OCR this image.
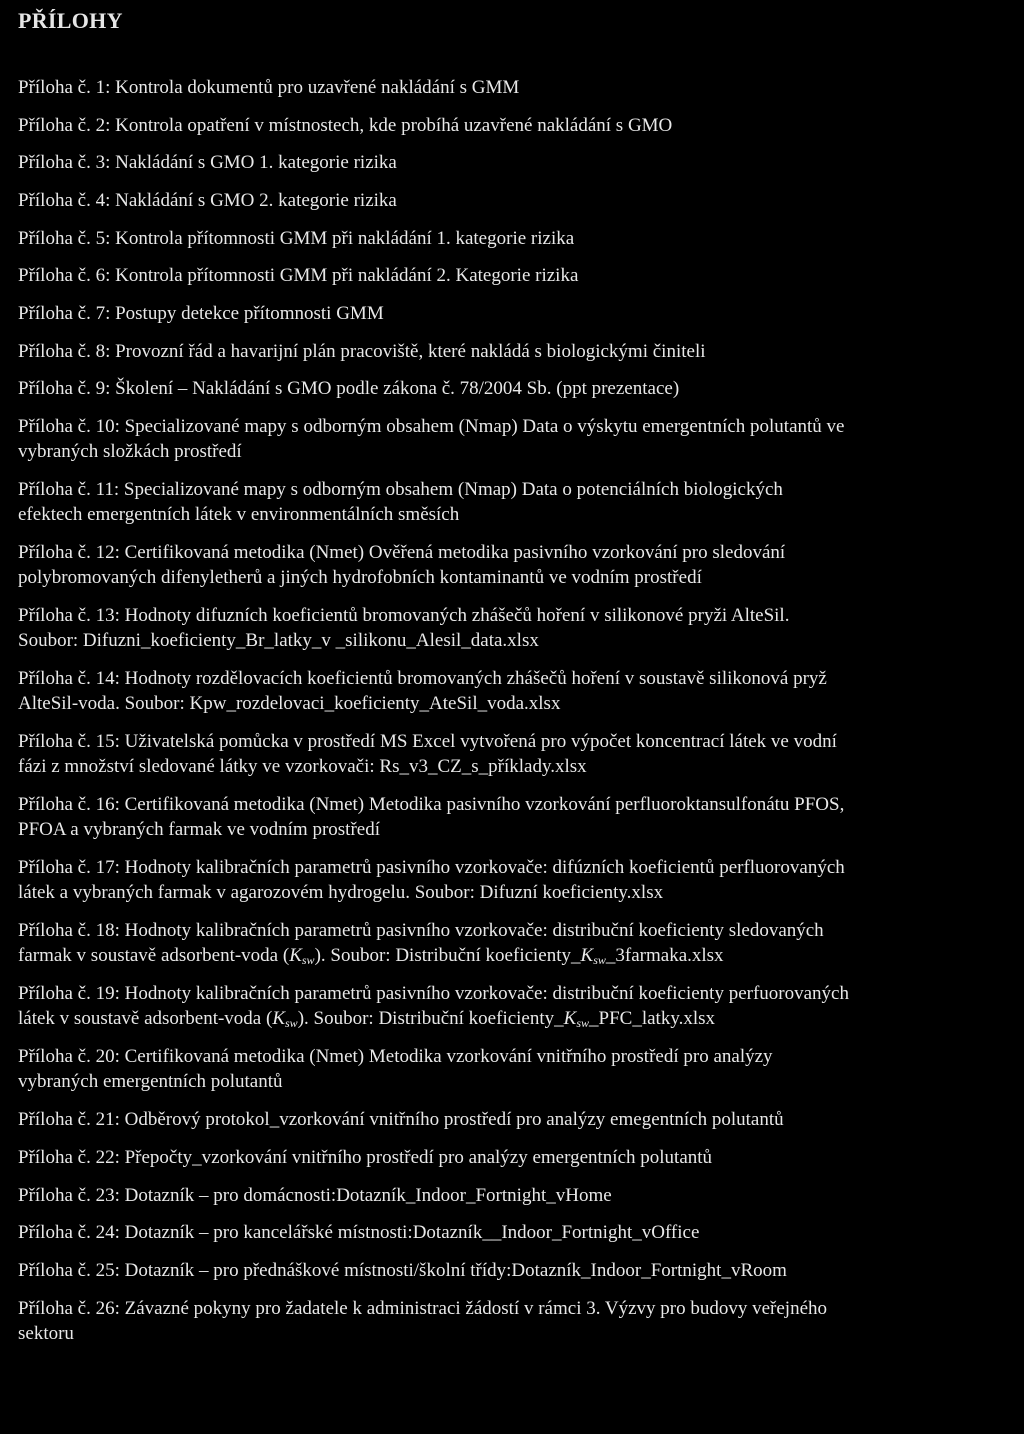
PŘÍLOHY
Příloha č. 1: Kontrola dokumentů pro uzavřené nakládání s GMM
Příloha č. 2: Kontrola opatření v místnostech, kde probíhá uzavřené nakládání s GMO
Příloha č. 3: Nakládání s GMO 1. kategorie rizika
Příloha č. 4: Nakládání s GMO 2. kategorie rizika
Příloha č. 5: Kontrola přítomnosti GMM při nakládání 1. kategorie rizika
Příloha č. 6: Kontrola přítomnosti GMM při nakládání 2. Kategorie rizika
Příloha č. 7: Postupy detekce přítomnosti GMM
Příloha č. 8: Provozní řád a havarijní plán pracoviště, které nakládá s biologickými činiteli
Příloha č. 9: Školení – Nakládání s GMO podle zákona č. 78/2004 Sb. (ppt prezentace)
Příloha č. 10: Specializované mapy s odborným obsahem (Nmap) Data o výskytu emergentních polutantů ve
vybraných složkách prostředí
Příloha č. 11: Specializované mapy s odborným obsahem (Nmap) Data o potenciálních biologických
efektech emergentních látek v environmentálních směsích
Příloha č. 12: Certifikovaná metodika (Nmet) Ověřená metodika pasivního vzorkování pro sledování
polybromovaných difenyletherů a jiných hydrofobních kontaminantů ve vodním prostředí
Příloha č. 13: Hodnoty difuzních koeficientů bromovaných zhášečů hoření v silikonové pryži AlteSil.
Soubor: Difuzni_koeficienty_Br_latky_v _silikonu_Alesil_data.xlsx
Příloha č. 14: Hodnoty rozdělovacích koeficientů bromovaných zhášečů hoření v soustavě silikonová pryž
AlteSil-voda. Soubor: Kpw_rozdelovaci_koeficienty_AteSil_voda.xlsx
Příloha č. 15: Uživatelská pomůcka v prostředí MS Excel vytvořená pro výpočet koncentrací látek ve vodní
fázi z množství sledované látky ve vzorkovači: Rs_v3_CZ_s_příklady.xlsx
Příloha č. 16: Certifikovaná metodika (Nmet) Metodika pasivního vzorkování perfluoroktansulfonátu PFOS,
PFOA a vybraných farmak ve vodním prostředí
Příloha č. 17: Hodnoty kalibračních parametrů pasivního vzorkovače: difúzních koeficientů perfluorovaných
látek a vybraných farmak v agarozovém hydrogelu. Soubor: Difuzní koeficienty.xlsx
Příloha č. 18: Hodnoty kalibračních parametrů pasivního vzorkovače: distribuční koeficienty sledovaných
farmak v soustavě adsorbent-voda $(K_{sw})$. Soubor: Distribuční $koeficienty\_K_{sw}\_3farmaka.xlsx$
Příloha č. 19: Hodnoty kalibračních parametrů pasivního vzorkovače: distribuční koeficienty perfuorovaných
látek v soustavě adsorbent-voda $(K_{sw})$. Soubor: Distribuční $koeficienty\_K_{sw}\_PFC\_latky.xlsx$
Příloha č. 20: Certifikovaná metodika (Nmet) Metodika vzorkování vnitřního prostředí pro analýzy
vybraných emergentních polutantů
Příloha č. 21: Odběrový protokol_vzorkování vnitřního prostředí pro analýzy emegentních polutantů
Příloha č. 22: Přepočty_vzorkování vnitřního prostředí pro analýzy emergentních polutantů
Příloha č. 23: Dotazník – pro domácnosti:Dotazník_Indoor_Fortnight_vHome
Příloha č. 24: Dotazník – pro kancelářské místnosti:Dotazník__Indoor_Fortnight_vOffice
Příloha č. 25: Dotazník – pro přednáškové místnosti/školní třídy:Dotazník_Indoor_Fortnight_vRoom
Příloha č. 26: Závazné pokyny pro žadatele k administraci žádostí v rámci 3. Výzvy pro budovy veřejného
sektoru
